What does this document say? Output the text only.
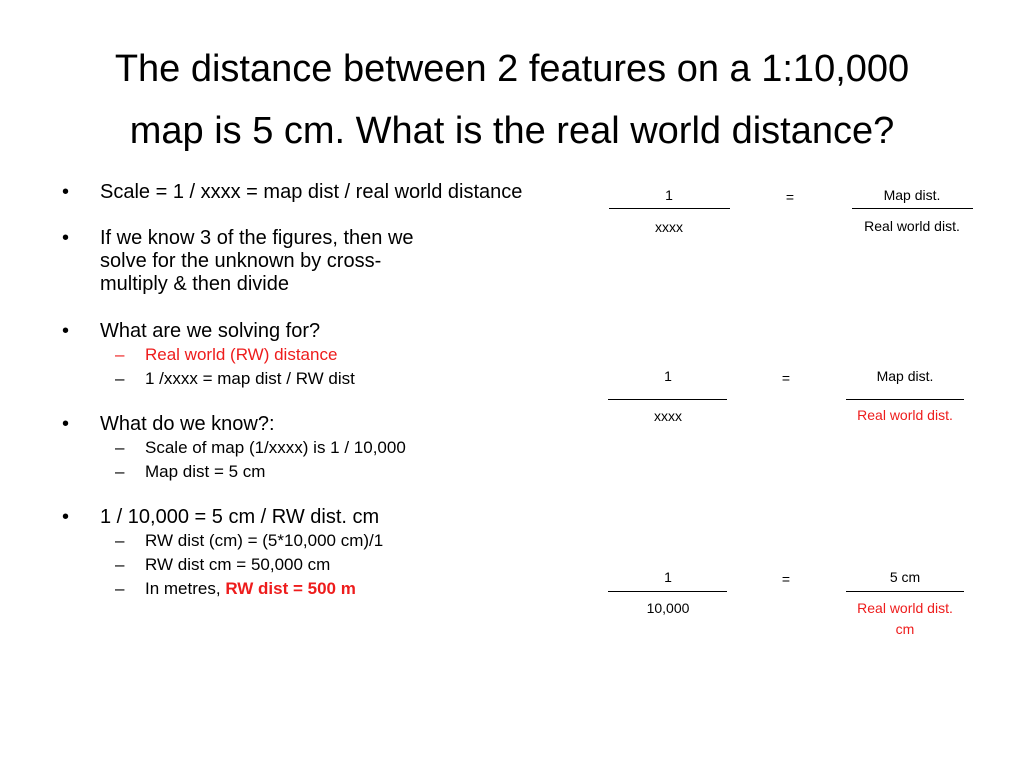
The distance between 2 features on a 1:10,000
map is 5 cm. What is the real world distance?
• Scale = 1 / xxxx = map dist / real world distance
• If we know 3 of the figures, then we solve for the unknown by cross-multiply & then divide
• What are we solving for?
– Real world (RW) distance
– 1 /xxxx = map dist / RW dist
• What do we know?:
– Scale of map (1/xxxx) is 1 / 10,000
– Map dist = 5 cm
• 1 / 10,000 = 5 cm / RW dist. cm
– RW dist (cm) = (5*10,000 cm)/1
– RW dist cm = 50,000 cm
– In metres, RW dist = 500 m
1
xxxx
=	Map dist.
Real world dist.
1
xxxx
=	Map dist.
Real world dist.
1
10,000
=	5 cm
Real world dist. cm
